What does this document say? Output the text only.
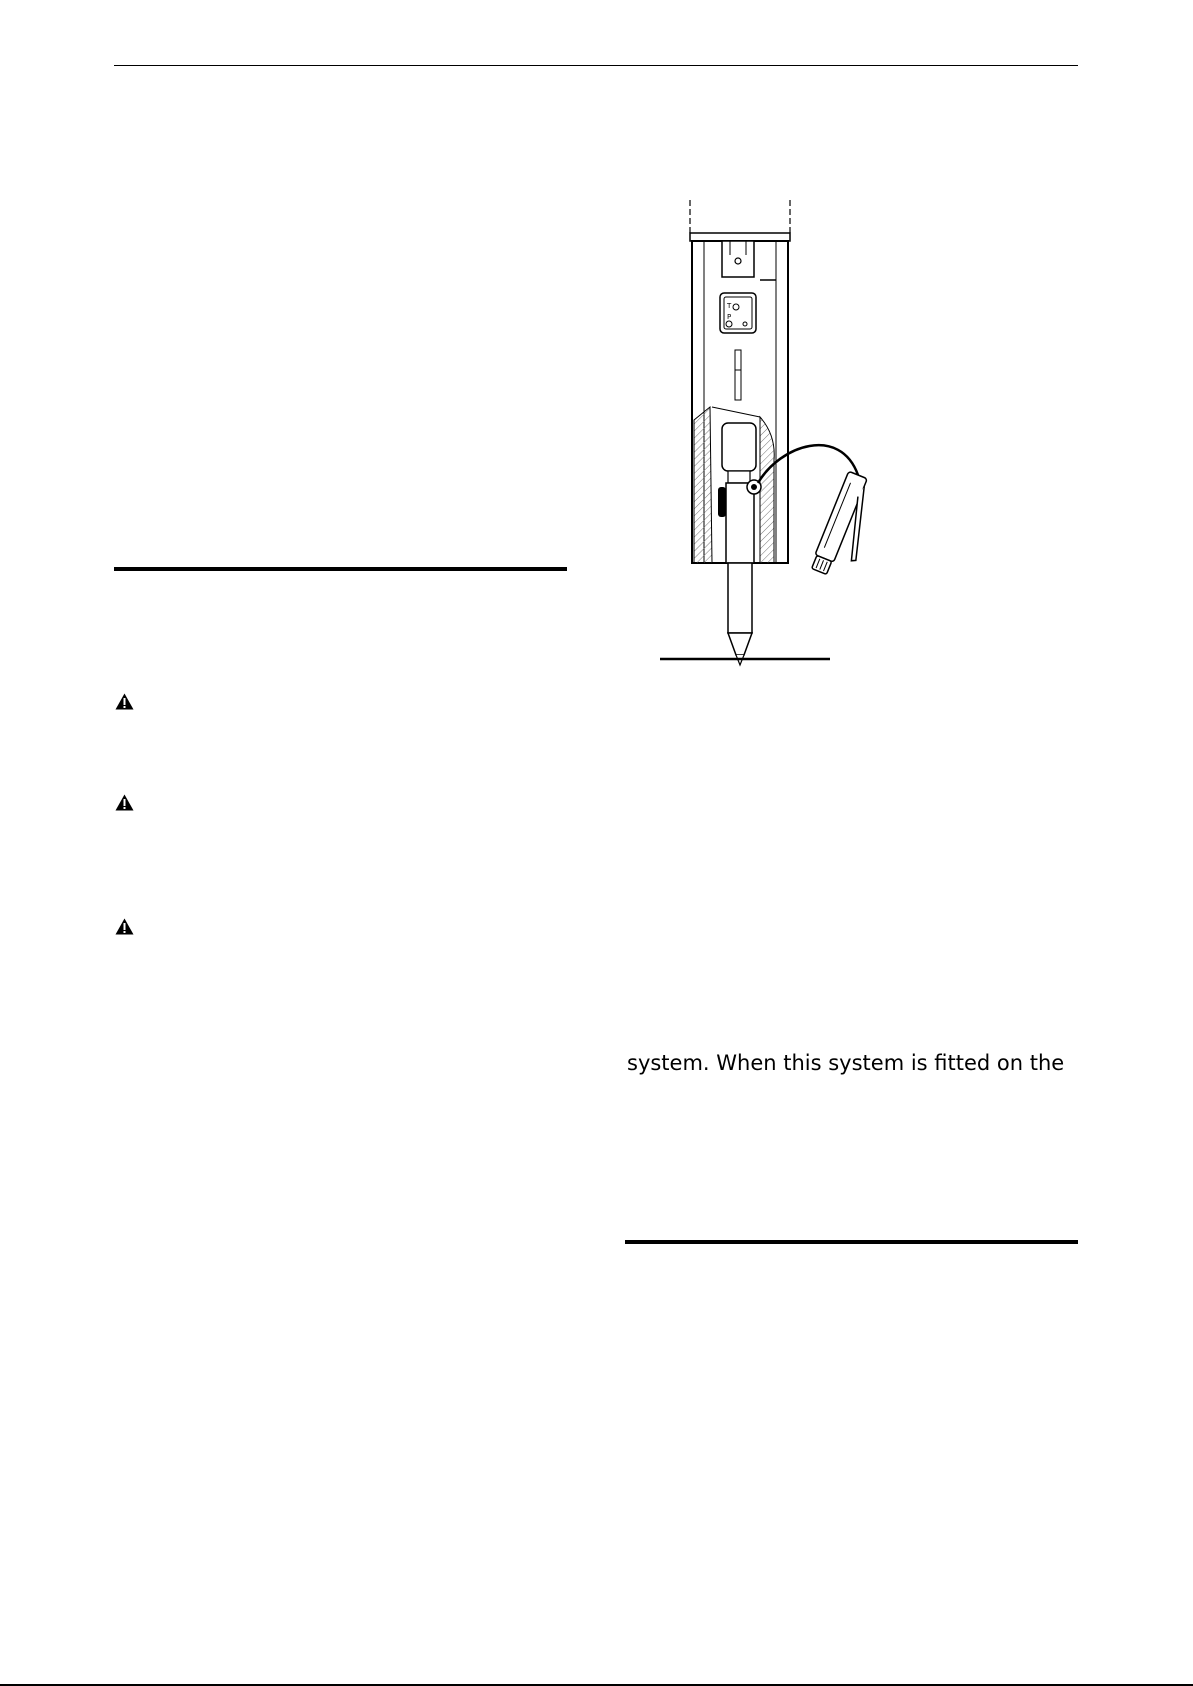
T
P
system. When this system is fitted on the
